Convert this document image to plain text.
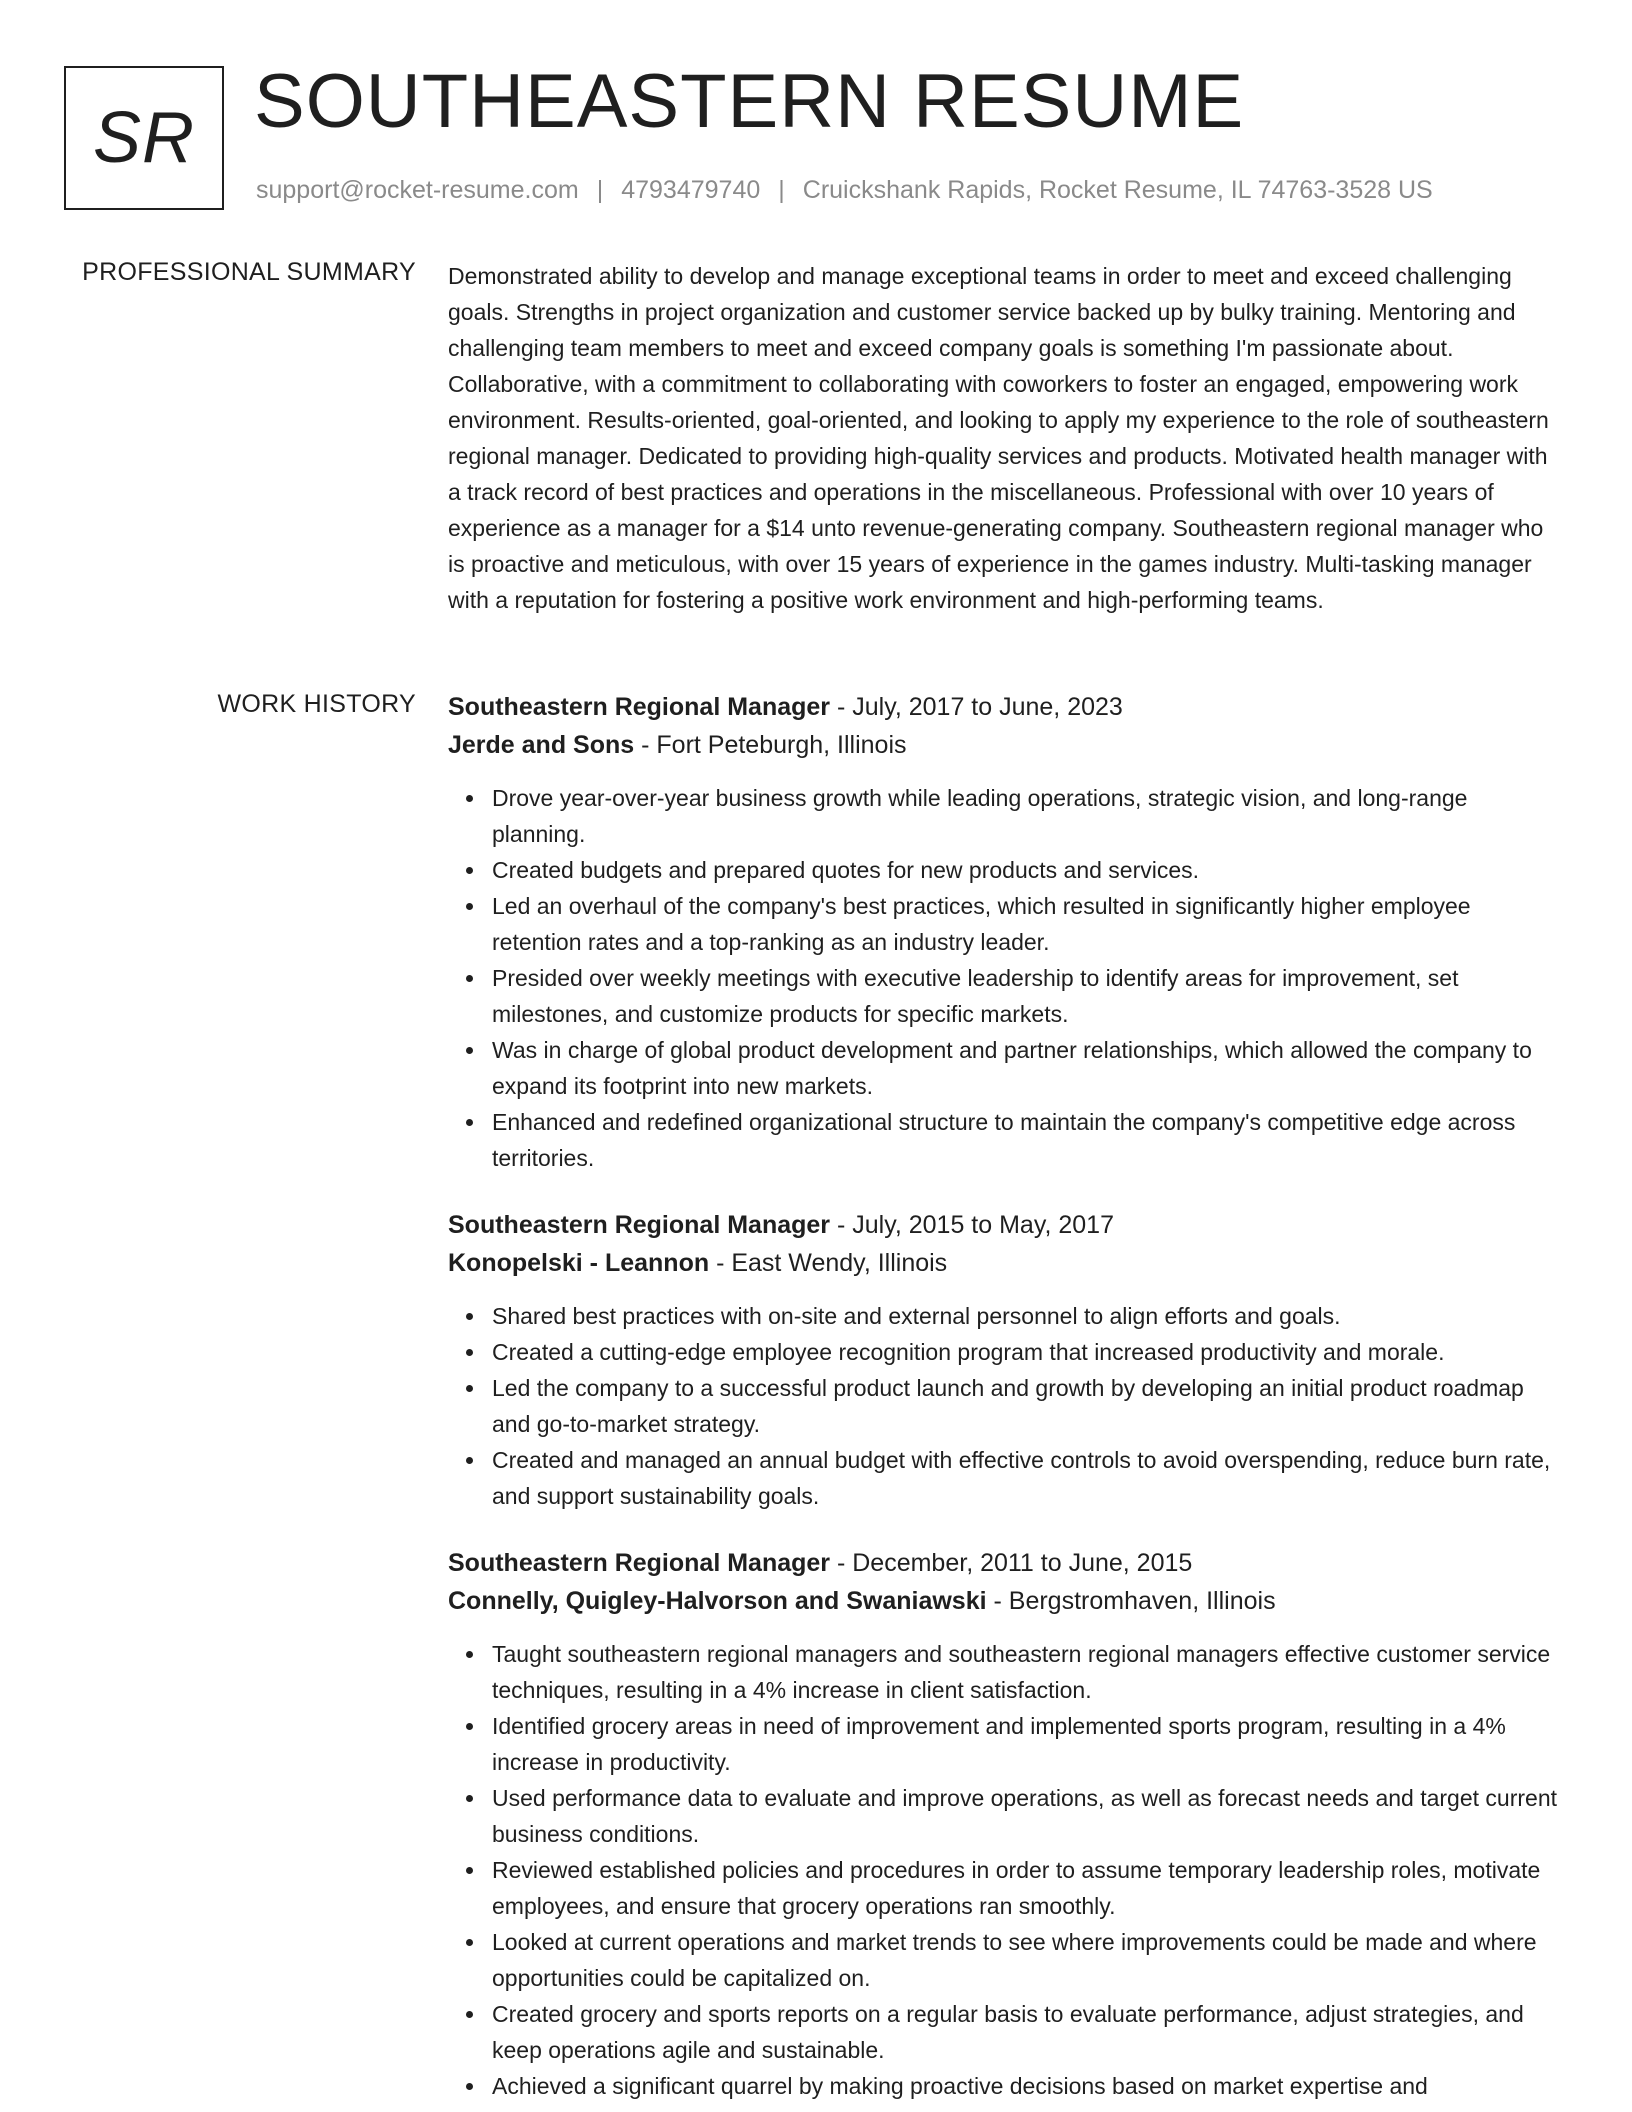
SR SOUTHEASTERN RESUME
support@rocket-resume.com | 4793479740 | Cruickshank Rapids, Rocket Resume, IL 74763-3528 US
PROFESSIONAL SUMMARY Demonstrated ability to develop and manage exceptional teams in order to meet and exceed challenging goals. Strengths in project organization and customer service backed up by bulky training. Mentoring and challenging team members to meet and exceed company goals is something I'm passionate about. Collaborative, with a commitment to collaborating with coworkers to foster an engaged, empowering work environment. Results-oriented, goal-oriented, and looking to apply my experience to the role of southeastern regional manager. Dedicated to providing high-quality services and products. Motivated health manager with a track record of best practices and operations in the miscellaneous. Professional with over 10 years of experience as a manager for a $14 unto revenue-generating company. Southeastern regional manager who is proactive and meticulous, with over 15 years of experience in the games industry. Multi-tasking manager with a reputation for fostering a positive work environment and high-performing teams.

WORK HISTORY Southeastern Regional Manager - July, 2017 to June, 2023
Jerde and Sons - Fort Peteburgh, Illinois
Drove year-over-year business growth while leading operations, strategic vision, and long-range planning.
Created budgets and prepared quotes for new products and services.
Led an overhaul of the company's best practices, which resulted in significantly higher employee retention rates and a top-ranking as an industry leader.
Presided over weekly meetings with executive leadership to identify areas for improvement, set milestones, and customize products for specific markets.
Was in charge of global product development and partner relationships, which allowed the company to expand its footprint into new markets.
Enhanced and redefined organizational structure to maintain the company's competitive edge across territories.
Southeastern Regional Manager - July, 2015 to May, 2017
Konopelski - Leannon - East Wendy, Illinois
Shared best practices with on-site and external personnel to align efforts and goals.
Created a cutting-edge employee recognition program that increased productivity and morale.
Led the company to a successful product launch and growth by developing an initial product roadmap and go-to-market strategy.
Created and managed an annual budget with effective controls to avoid overspending, reduce burn rate, and support sustainability goals.
Southeastern Regional Manager - December, 2011 to June, 2015
Connelly, Quigley-Halvorson and Swaniawski - Bergstromhaven, Illinois
Taught southeastern regional managers and southeastern regional managers effective customer service techniques, resulting in a 4% increase in client satisfaction.
Identified grocery areas in need of improvement and implemented sports program, resulting in a 4% increase in productivity.
Used performance data to evaluate and improve operations, as well as forecast needs and target current business conditions.
Reviewed established policies and procedures in order to assume temporary leadership roles, motivate employees, and ensure that grocery operations ran smoothly.
Looked at current operations and market trends to see where improvements could be made and where opportunities could be capitalized on.
Created grocery and sports reports on a regular basis to evaluate performance, adjust strategies, and keep operations agile and sustainable.
Achieved a significant quarrel by making proactive decisions based on market expertise and
